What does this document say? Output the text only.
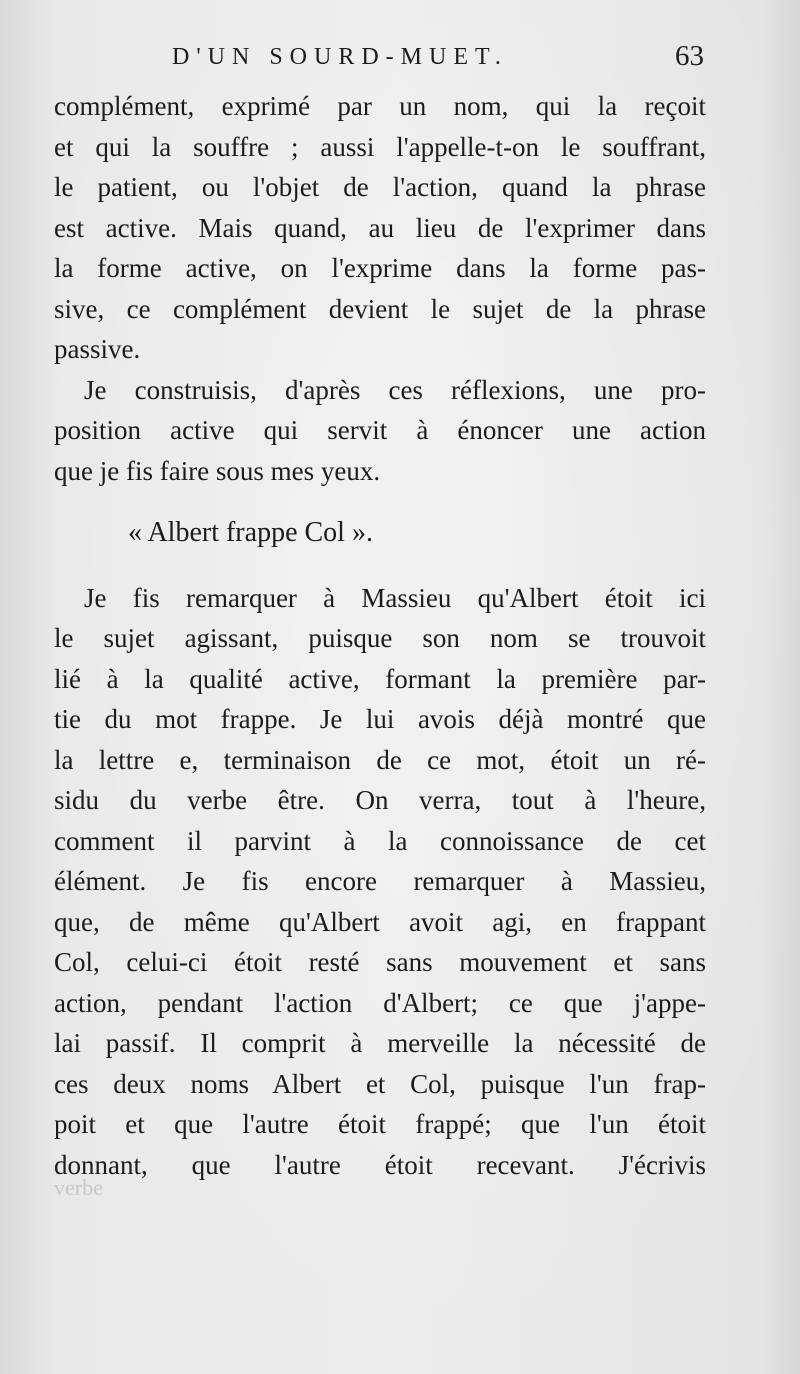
D'UN SOURD-MUET.	63

complément, exprimé par un nom, qui la reçoit
et qui la souffre ; aussi l'appelle-t-on le souffrant,
le patient, ou l'objet de l'action, quand la phrase
est active. Mais quand, au lieu de l'exprimer dans
la forme active, on l'exprime dans la forme pas-
sive, ce complément devient le sujet de la phrase
passive.

Je construisis, d'après ces réflexions, une pro-
position active qui servit à énoncer une action
que je fis faire sous mes yeux.

« Albert frappe Col ».

Je fis remarquer à Massieu qu'Albert étoit ici
le sujet agissant, puisque son nom se trouvoit
lié à la qualité active, formant la première par-
tie du mot frappe. Je lui avois déjà montré que
la lettre e, terminaison de ce mot, étoit un ré-
sidu du verbe être. On verra, tout à l'heure,
comment il parvint à la connoissance de cet
élément. Je fis encore remarquer à Massieu,
que, de même qu'Albert avoit agi, en frappant
Col, celui-ci étoit resté sans mouvement et sans
action, pendant l'action d'Albert; ce que j'appe-
lai passif. Il comprit à merveille la nécessité de
ces deux noms Albert et Col, puisque l'un frap-
poit et que l'autre étoit frappé; que l'un étoit
donnant, que l'autre étoit recevant. J'écrivis

verbe
